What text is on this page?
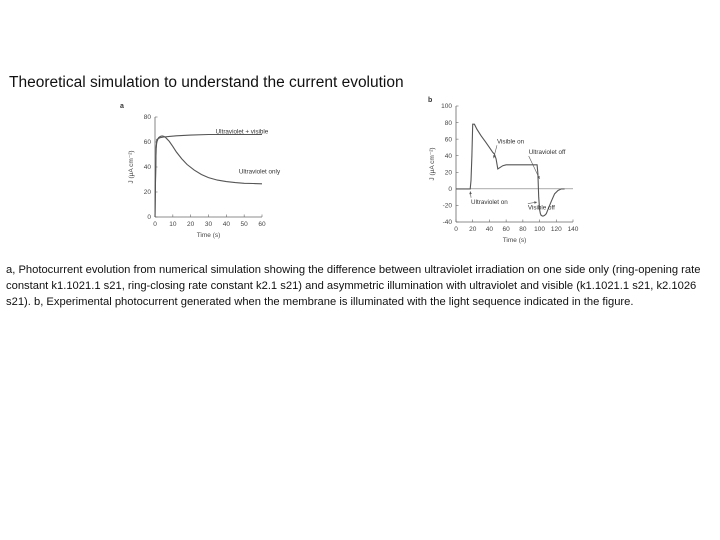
Theoretical simulation to understand the current evolution
a
0 10 20 30 40 50 60
0
20
40
60
80
Time (s)
J (μA cm⁻²)
Ultraviolet + visible
Ultraviolet only
b
0 20 40 60 80 100 120 140
-40
-20
0
20
40
60
80
100
Time (s)
J (μA cm⁻²)
Visible on
Ultraviolet off
Ultraviolet on
Visible off
a, Photocurrent evolution from numerical simulation showing the difference between ultraviolet irradiation on one side only (ring-opening rate constant k1.1021.1 s21, ring-closing rate constant k2.1 s21) and asymmetric illumination with ultraviolet and visible (k1.1021.1 s21, k2.1026 s21). b, Experimental photocurrent generated when the membrane is illuminated with the light sequence indicated in the figure.
